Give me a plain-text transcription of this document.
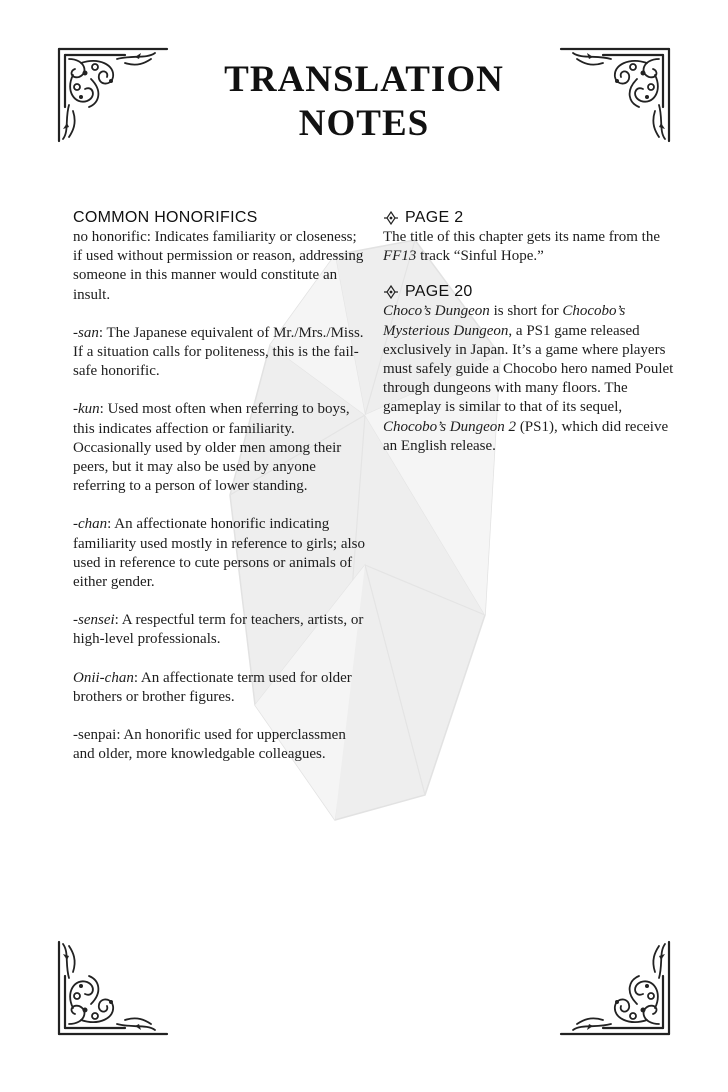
TRANSLATION
NOTES
COMMON HONORIFICS

no honorific: Indicates familiarity or closeness; if used without permission or reason, addressing someone in this manner would constitute an insult.

-san: The Japanese equivalent of Mr./Mrs./Miss. If a situation calls for politeness, this is the fail-safe honorific.

-kun: Used most often when referring to boys, this indicates affection or familiarity. Occasionally used by older men among their peers, but it may also be used by anyone referring to a person of lower standing.

-chan: An affectionate honorific indicating familiarity used mostly in reference to girls; also used in reference to cute persons or animals of either gender.

-sensei: A respectful term for teachers, artists, or high-level professionals.

Onii-chan: An affectionate term used for older brothers or brother figures.

-senpai: An honorific used for upperclassmen and older, more knowledgable colleagues.

PAGE 2

The title of this chapter gets its name from the FF13 track “Sinful Hope.”

PAGE 20

Choco’s Dungeon is short for Chocobo’s Mysterious Dungeon, a PS1 game released exclusively in Japan. It’s a game where players must safely guide a Chocobo hero named Poulet through dungeons with many floors. The gameplay is similar to that of its sequel, Chocobo’s Dungeon 2 (PS1), which did receive an English release.
